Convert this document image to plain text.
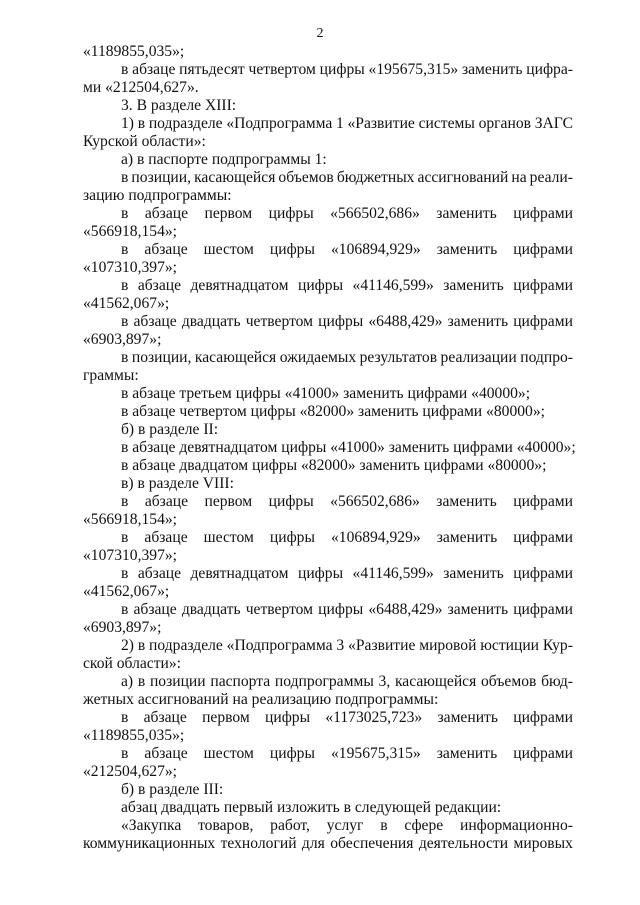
2
«1189855,035»;
в абзаце пятьдесят четвертом цифры «195675,315» заменить цифра-
ми «212504,627».
3. В разделе XIII:
1) в подразделе «Подпрограмма 1 «Развитие системы органов ЗАГС
Курской области»:
а) в паспорте подпрограммы 1:
в позиции, касающейся объемов бюджетных ассигнований на реали-
зацию подпрограммы:
в абзаце первом цифры «566502,686» заменить цифрами
«566918,154»;
в абзаце шестом цифры «106894,929» заменить цифрами
«107310,397»;
в абзаце девятнадцатом цифры «41146,599» заменить цифрами
«41562,067»;
в абзаце двадцать четвертом цифры «6488,429» заменить цифрами
«6903,897»;
в позиции, касающейся ожидаемых результатов реализации подпро-
граммы:
в абзаце третьем цифры «41000» заменить цифрами «40000»;
в абзаце четвертом цифры «82000» заменить цифрами «80000»;
б) в разделе II:
в абзаце девятнадцатом цифры «41000» заменить цифрами «40000»;
в абзаце двадцатом цифры «82000» заменить цифрами «80000»;
в) в разделе VIII:
в абзаце первом цифры «566502,686» заменить цифрами
«566918,154»;
в абзаце шестом цифры «106894,929» заменить цифрами
«107310,397»;
в абзаце девятнадцатом цифры «41146,599» заменить цифрами
«41562,067»;
в абзаце двадцать четвертом цифры «6488,429» заменить цифрами
«6903,897»;
2) в подразделе «Подпрограмма 3 «Развитие мировой юстиции Кур-
ской области»:
а) в позиции паспорта подпрограммы 3, касающейся объемов бюд-
жетных ассигнований на реализацию подпрограммы:
в абзаце первом цифры «1173025,723» заменить цифрами
«1189855,035»;
в абзаце шестом цифры «195675,315» заменить цифрами
«212504,627»;
б) в разделе III:
абзац двадцать первый изложить в следующей редакции:
«Закупка товаров, работ, услуг в сфере информационно-
коммуникационных технологий для обеспечения деятельности мировых
